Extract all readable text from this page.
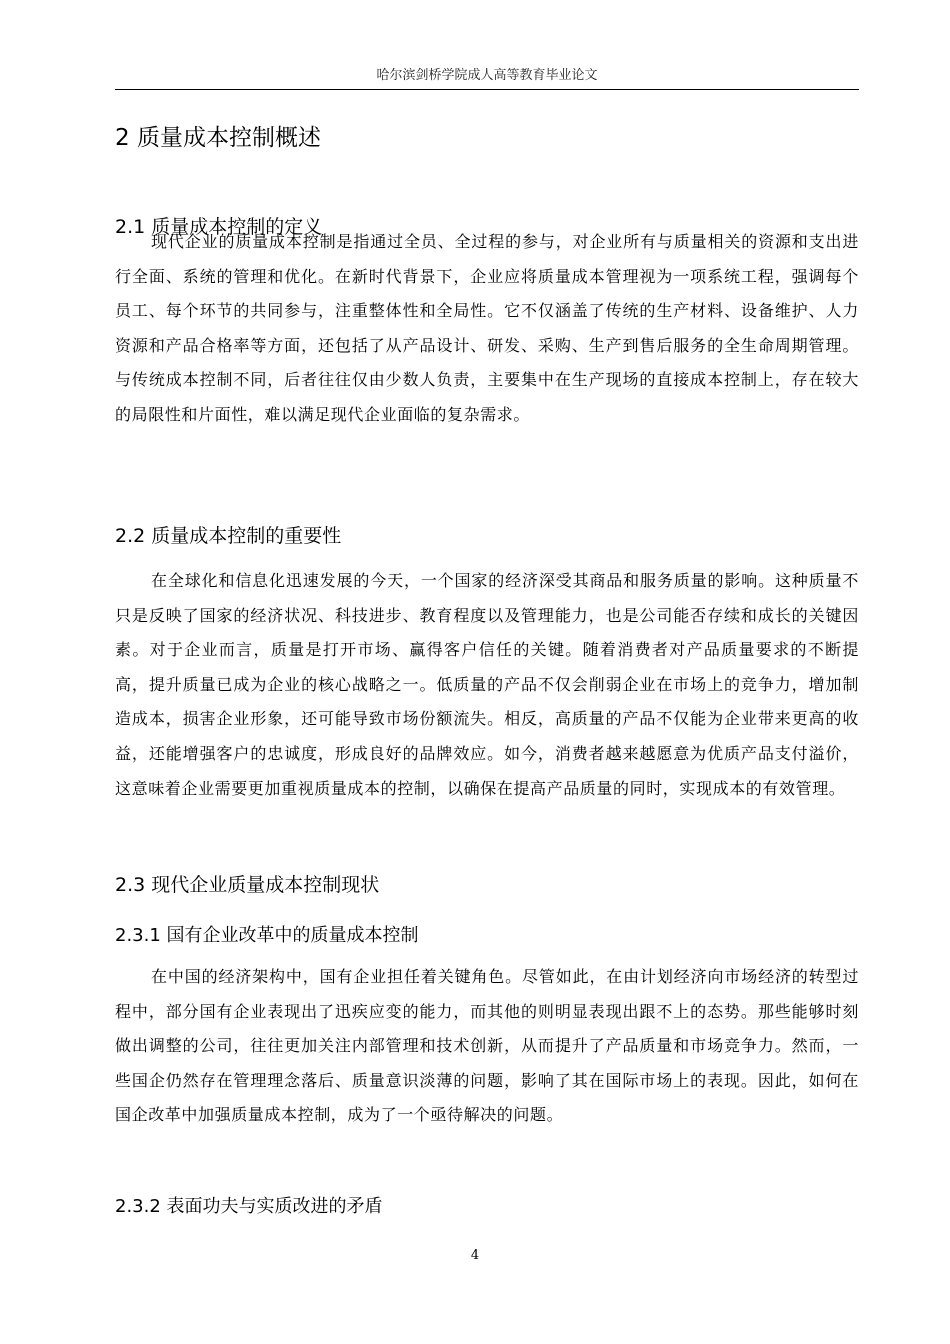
哈尔滨剑桥学院成人高等教育毕业论文
2 质量成本控制概述
2.1 质量成本控制的定义

现代企业的质量成本控制是指通过全员、全过程的参与，对企业所有与质量相关的资源和支出进行全面、系统的管理和优化。在新时代背景下，企业应将质量成本管理视为一项系统工程，强调每个员工、每个环节的共同参与，注重整体性和全局性。它不仅涵盖了传统的生产材料、设备维护、人力资源和产品合格率等方面，还包括了从产品设计、研发、采购、生产到售后服务的全生命周期管理。与传统成本控制不同，后者往往仅由少数人负责，主要集中在生产现场的直接成本控制上，存在较大的局限性和片面性，难以满足现代企业面临的复杂需求。

2.2 质量成本控制的重要性

在全球化和信息化迅速发展的今天，一个国家的经济深受其商品和服务质量的影响。这种质量不只是反映了国家的经济状况、科技进步、教育程度以及管理能力，也是公司能否存续和成长的关键因素。对于企业而言，质量是打开市场、赢得客户信任的关键。随着消费者对产品质量要求的不断提高，提升质量已成为企业的核心战略之一。低质量的产品不仅会削弱企业在市场上的竞争力，增加制造成本，损害企业形象，还可能导致市场份额流失。相反，高质量的产品不仅能为企业带来更高的收益，还能增强客户的忠诚度，形成良好的品牌效应。如今，消费者越来越愿意为优质产品支付溢价，这意味着企业需要更加重视质量成本的控制，以确保在提高产品质量的同时，实现成本的有效管理。

2.3 现代企业质量成本控制现状
2.3.1 国有企业改革中的质量成本控制

在中国的经济架构中，国有企业担任着关键角色。尽管如此，在由计划经济向市场经济的转型过程中，部分国有企业表现出了迅疾应变的能力，而其他的则明显表现出跟不上的态势。那些能够时刻做出调整的公司，往往更加关注内部管理和技术创新，从而提升了产品质量和市场竞争力。然而，一些国企仍然存在管理理念落后、质量意识淡薄的问题，影响了其在国际市场上的表现。因此，如何在国企改革中加强质量成本控制，成为了一个亟待解决的问题。

2.3.2 表面功夫与实质改进的矛盾
4
